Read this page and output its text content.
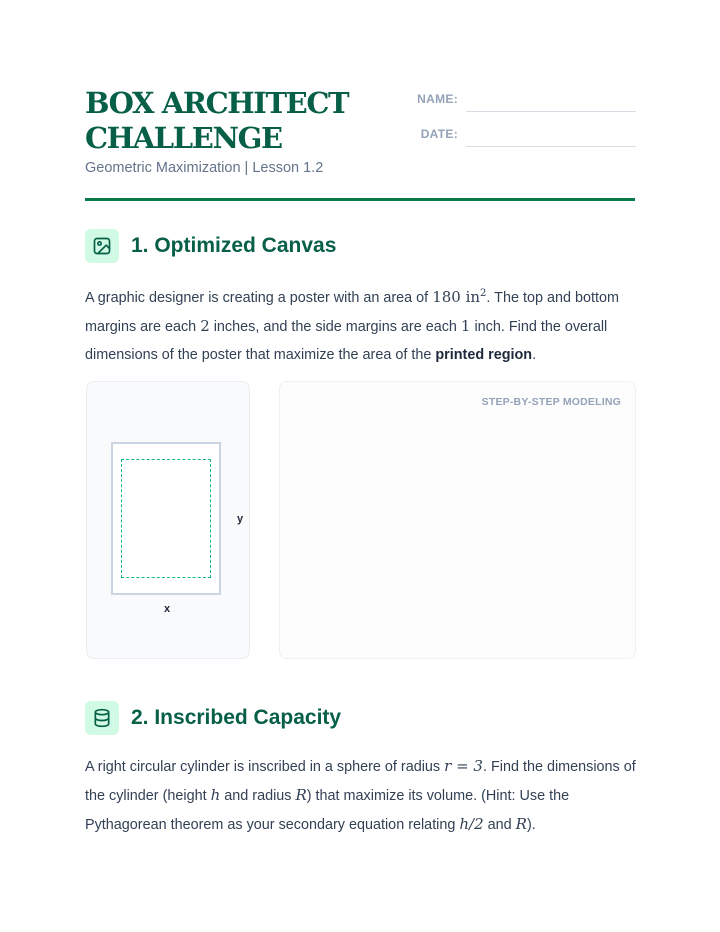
BOX ARCHITECT
CHALLENGE
Geometric Maximization | Lesson 1.2
NAME:
DATE:
1. Optimized Canvas
A graphic designer is creating a poster with an area of 180 $in^2$. The top and bottom margins are each 2 inches, and the side margins are each 1 inch. Find the overall dimensions of the poster that maximize the area of the printed region.
y
x
STEP-BY-STEP MODELING
2. Inscribed Capacity
A right circular cylinder is inscribed in a sphere of radius r = 3. Find the dimensions of the cylinder (height h and radius R) that maximize its volume. (Hint: Use the Pythagorean theorem as your secondary equation relating h/2 and R).
